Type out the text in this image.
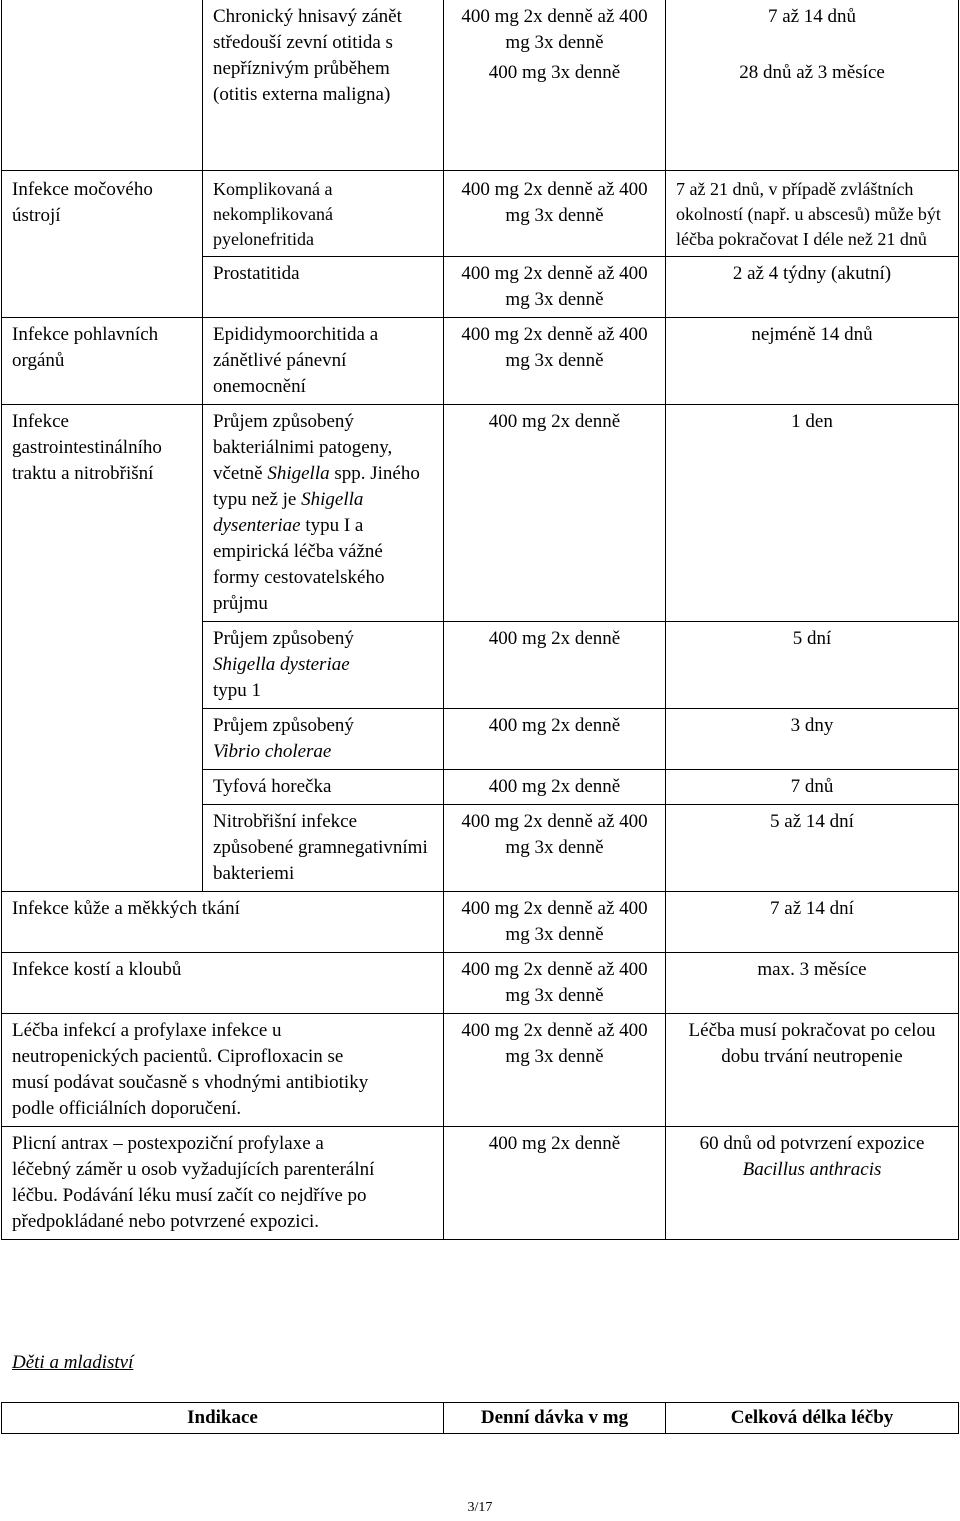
	Chronický hnisavý zánět středouší zevní otitida s nepříznivým průběhem (otitis externa maligna)	400 mg 2x denně až 400 mg 3x denně	7 až 14 dnů
		400 mg 3x denně	28 dnů až 3 měsíce
Infekce močového ústrojí	Komplikovaná a nekomplikovaná pyelonefritida	400 mg 2x denně až 400 mg 3x denně	7 až 21 dnů, v případě zvláštních okolností (např. u abscesů) může být léčba pokračovat I déle než 21 dnů
	Prostatitida	400 mg 2x denně až 400 mg 3x denně	2 až 4 týdny (akutní)
Infekce pohlavních orgánů	Epididymoorchitida a zánětlivé pánevní onemocnění	400 mg 2x denně až 400 mg 3x denně	nejméně 14 dnů
Infekce gastrointestinálního traktu a nitrobřišní	Průjem způsobený bakteriálnimi patogeny, včetně Shigella spp. Jiného typu než je Shigella dysenteriae typu I a empirická léčba vážné formy cestovatelského průjmu	400 mg 2x denně	1 den
	Průjem způsobený
Shigella dysteriae
typu 1	400 mg 2x denně	5 dní
	Průjem způsobený
Vibrio cholerae	400 mg 2x denně	3 dny
	Tyfová horečka	400 mg 2x denně	7 dnů
	Nitrobřišní infekce způsobené gramnegativními bakteriemi	400 mg 2x denně až 400 mg 3x denně	5 až 14 dní
Infekce kůže a měkkých tkání		400 mg 2x denně až 400 mg 3x denně	7 až 14 dní
Infekce kostí a kloubů		400 mg 2x denně až 400 mg 3x denně	max. 3 měsíce
Léčba infekcí a profylaxe infekce u neutropenických pacientů. Ciprofloxacin se musí podávat současně s vhodnými antibiotiky podle officiálních doporučení.		400 mg 2x denně až 400 mg 3x denně	Léčba musí pokračovat po celou dobu trvání neutropenie
Plicní antrax – postexpoziční profylaxe a léčebný záměr u osob vyžadujících parenterální léčbu. Podávání léku musí začít co nejdříve po předpokládané nebo potvrzené expozici.		400 mg 2x denně	60 dnů od potvrzení expozice
Bacillus anthracis
Děti a mladiství
Indikace	Denní dávka v mg	Celková délka léčby
3/17
